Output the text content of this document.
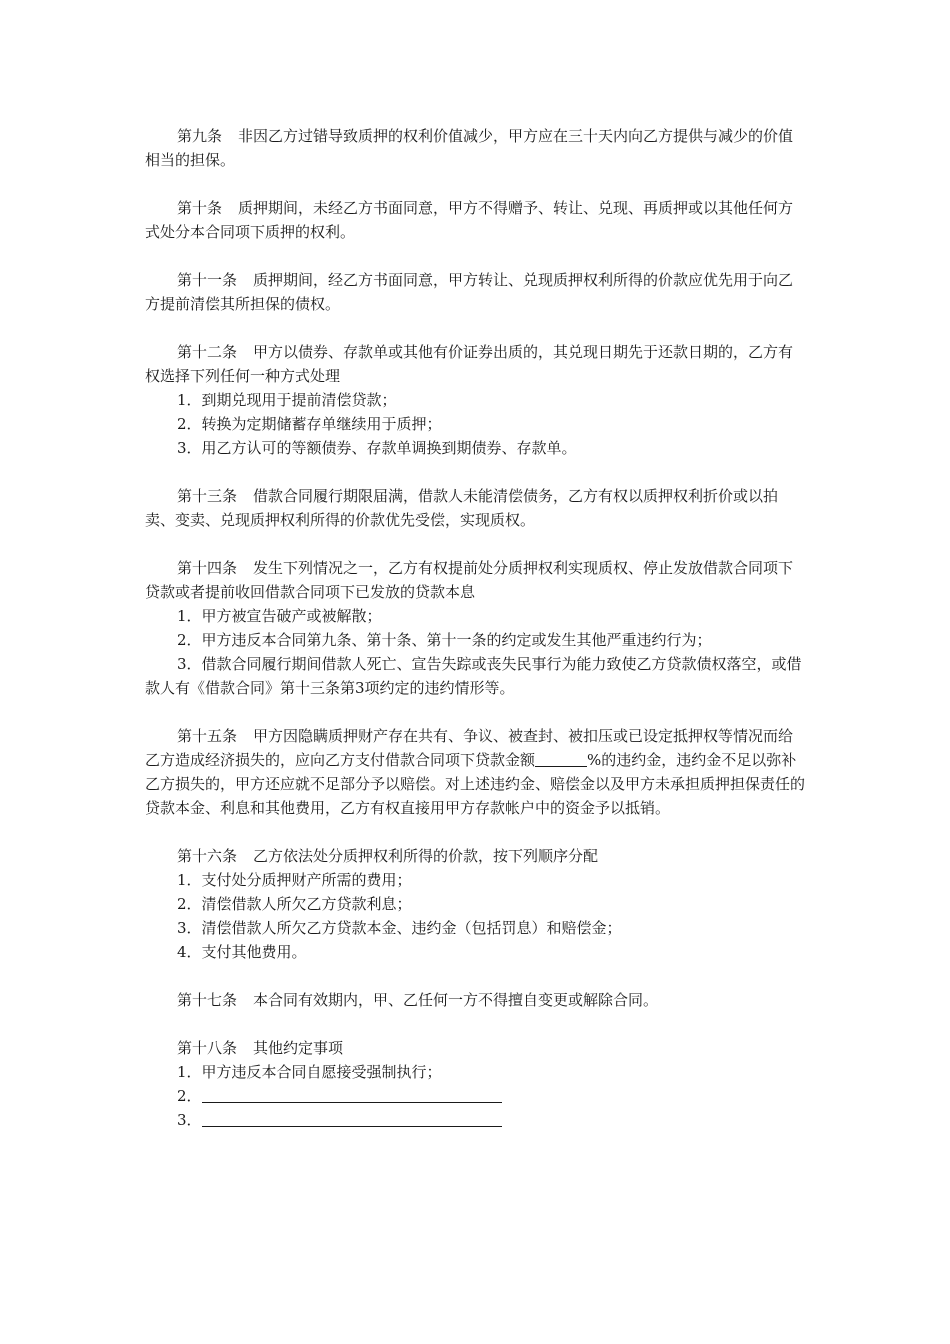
第九条 非因乙方过错导致质押的权利价值减少，甲方应在三十天内向乙方提供与减少的价值相当的担保。

第十条 质押期间，未经乙方书面同意，甲方不得赠予、转让、兑现、再质押或以其他任何方式处分本合同项下质押的权利。

第十一条 质押期间，经乙方书面同意，甲方转让、兑现质押权利所得的价款应优先用于向乙方提前清偿其所担保的债权。

第十二条 甲方以债券、存款单或其他有价证券出质的，其兑现日期先于还款日期的，乙方有权选择下列任何一种方式处理

1．到期兑现用于提前清偿贷款；

2．转换为定期储蓄存单继续用于质押；

3．用乙方认可的等额债券、存款单调换到期债券、存款单。

第十三条 借款合同履行期限届满，借款人未能清偿债务，乙方有权以质押权利折价或以拍卖、变卖、兑现质押权利所得的价款优先受偿，实现质权。

第十四条 发生下列情况之一，乙方有权提前处分质押权利实现质权、停止发放借款合同项下贷款或者提前收回借款合同项下已发放的贷款本息

1．甲方被宣告破产或被解散；

2．甲方违反本合同第九条、第十条、第十一条的约定或发生其他严重违约行为；

3．借款合同履行期间借款人死亡、宣告失踪或丧失民事行为能力致使乙方贷款债权落空，或借款人有《借款合同》第十三条第3项约定的违约情形等。

第十五条 甲方因隐瞒质押财产存在共有、争议、被查封、被扣压或已设定抵押权等情况而给乙方造成经济损失的，应向乙方支付借款合同项下贷款金额	%的违约金，违约金不足以弥补乙方损失的，甲方还应就不足部分予以赔偿。对上述违约金、赔偿金以及甲方未承担质押担保责任的贷款本金、利息和其他费用，乙方有权直接用甲方存款帐户中的资金予以抵销。

第十六条 乙方依法处分质押权利所得的价款，按下列顺序分配

1．支付处分质押财产所需的费用；

2．清偿借款人所欠乙方贷款利息；

3．清偿借款人所欠乙方贷款本金、违约金（包括罚息）和赔偿金；

4．支付其他费用。

第十七条 本合同有效期内，甲、乙任何一方不得擅自变更或解除合同。

第十八条 其他约定事项

1．甲方违反本合同自愿接受强制执行；

2．

3．
